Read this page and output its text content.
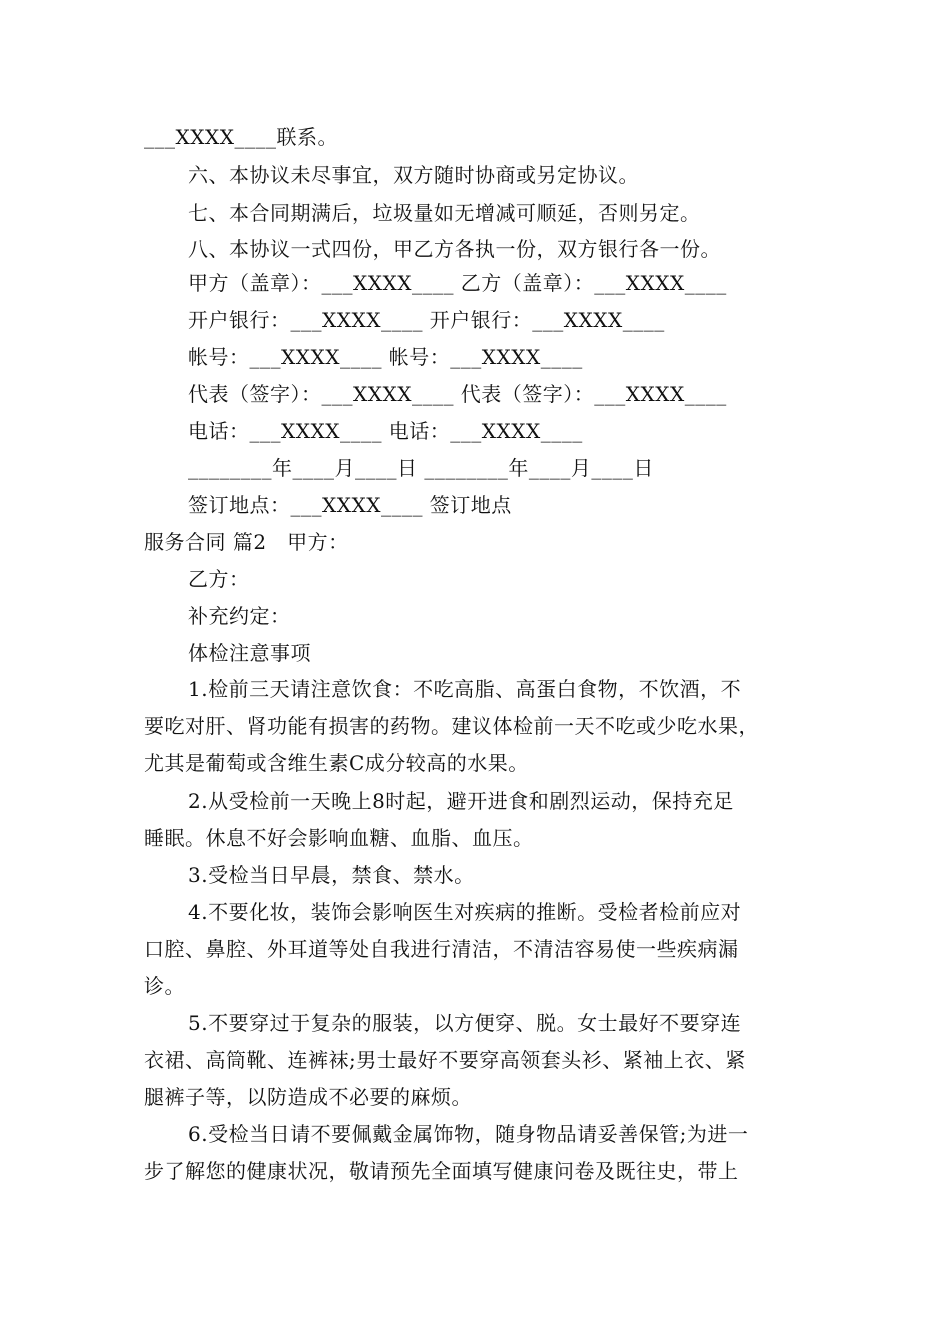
___XXXX____联系。
六、本协议未尽事宜，双方随时协商或另定协议。
七、本合同期满后，垃圾量如无增减可顺延，否则另定。
八、本协议一式四份，甲乙方各执一份，双方银行各一份。
甲方（盖章）：___XXXX____ 乙方（盖章）：___XXXX____
开户银行：___XXXX____ 开户银行：___XXXX____
帐号：___XXXX____ 帐号：___XXXX____
代表（签字）：___XXXX____ 代表（签字）：___XXXX____
电话：___XXXX____ 电话：___XXXX____
________年____月____日 ________年____月____日
签订地点：___XXXX____ 签订地点
服务合同 篇2　甲方：
乙方：
补充约定：
体检注意事项
1.检前三天请注意饮食：不吃高脂、高蛋白食物，不饮酒，不
要吃对肝、肾功能有损害的药物。建议体检前一天不吃或少吃水果，
尤其是葡萄或含维生素C成分较高的水果。
2.从受检前一天晚上8时起，避开进食和剧烈运动，保持充足
睡眠。休息不好会影响血糖、血脂、血压。
3.受检当日早晨，禁食、禁水。
4.不要化妆，装饰会影响医生对疾病的推断。受检者检前应对
口腔、鼻腔、外耳道等处自我进行清洁，不清洁容易使一些疾病漏
诊。
5.不要穿过于复杂的服装，以方便穿、脱。女士最好不要穿连
衣裙、高筒靴、连裤袜;男士最好不要穿高领套头衫、紧袖上衣、紧
腿裤子等，以防造成不必要的麻烦。
6.受检当日请不要佩戴金属饰物，随身物品请妥善保管;为进一
步了解您的健康状况，敬请预先全面填写健康问卷及既往史，带上
